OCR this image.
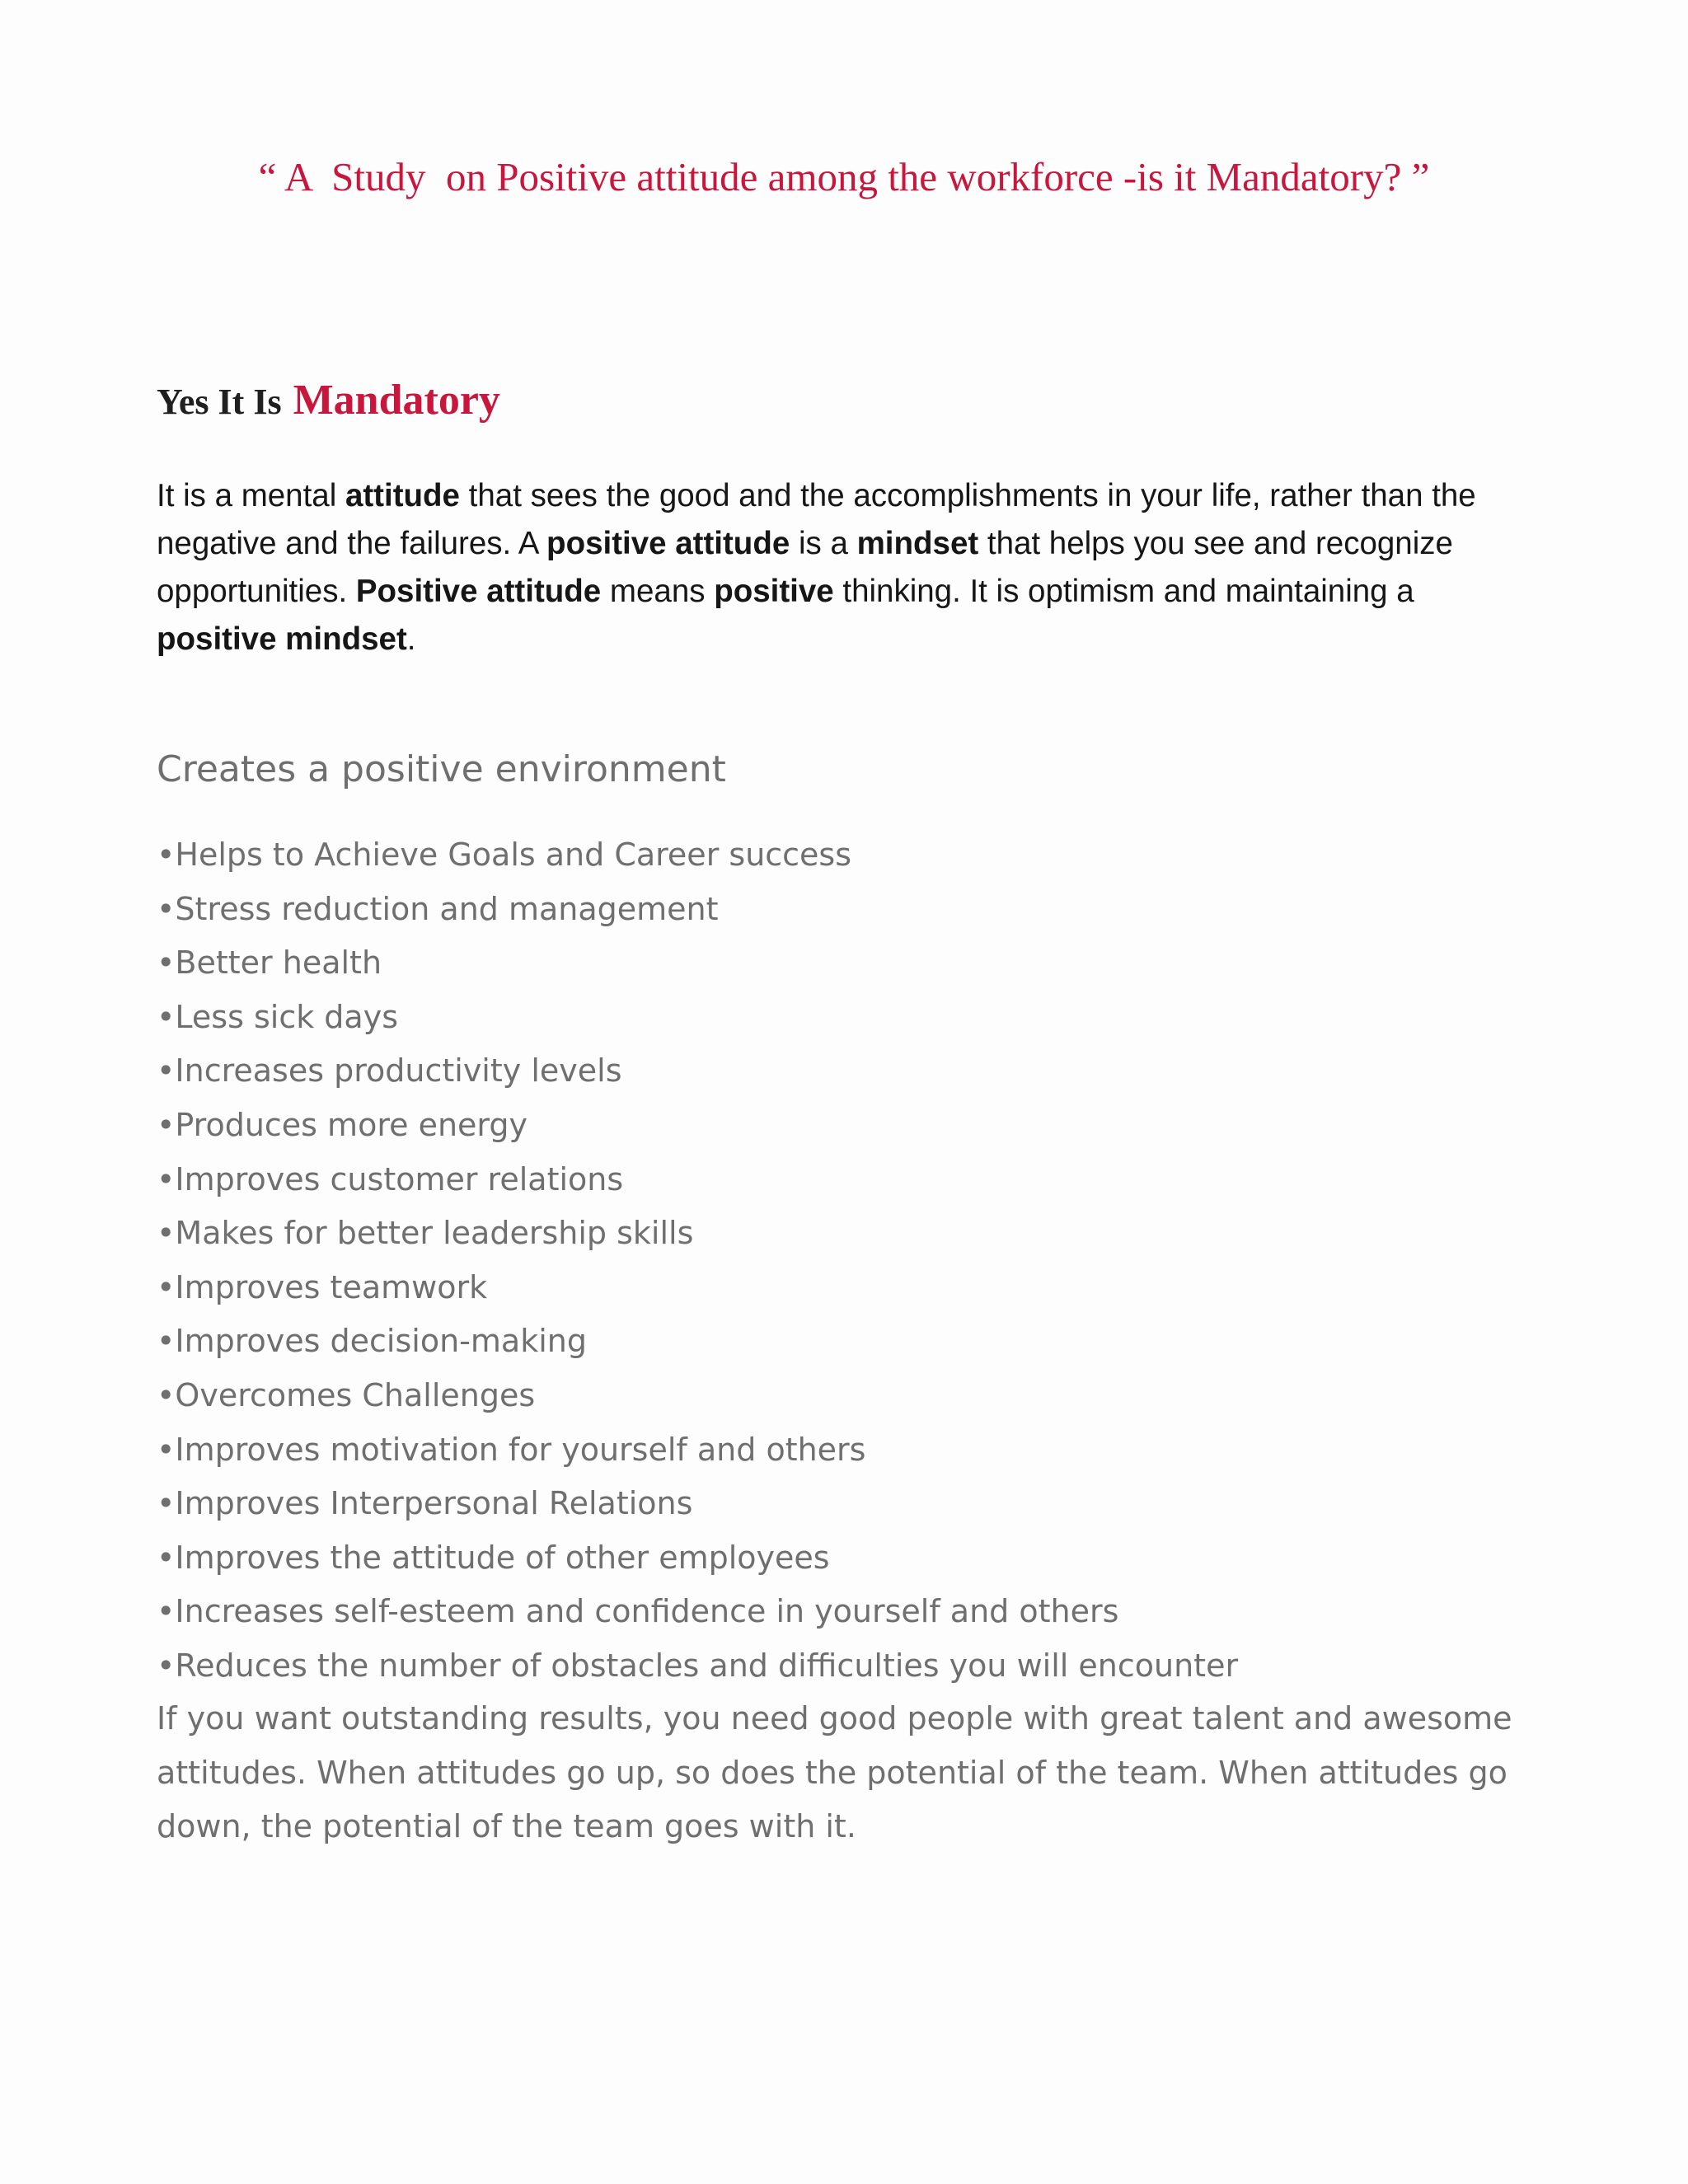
“ A  Study  on Positive attitude among the workforce -is it Mandatory? ”
Yes It Is Mandatory

It is a mental attitude that sees the good and the accomplishments in your life, rather than the negative and the failures. A positive attitude is a mindset that helps you see and recognize opportunities. Positive attitude means positive thinking. It is optimism and maintaining a positive mindset.

Creates a positive environment
•Helps to Achieve Goals and Career success
•Stress reduction and management
•Better health
•Less sick days
•Increases productivity levels
•Produces more energy
•Improves customer relations
•Makes for better leadership skills
•Improves teamwork
•Improves decision-making
•Overcomes Challenges
•Improves motivation for yourself and others
•Improves Interpersonal Relations
•Improves the attitude of other employees
•Increases self-esteem and confidence in yourself and others
•Reduces the number of obstacles and difficulties you will encounter

If you want outstanding results, you need good people with great talent and awesome
attitudes. When attitudes go up, so does the potential of the team. When attitudes go
down, the potential of the team goes with it.
